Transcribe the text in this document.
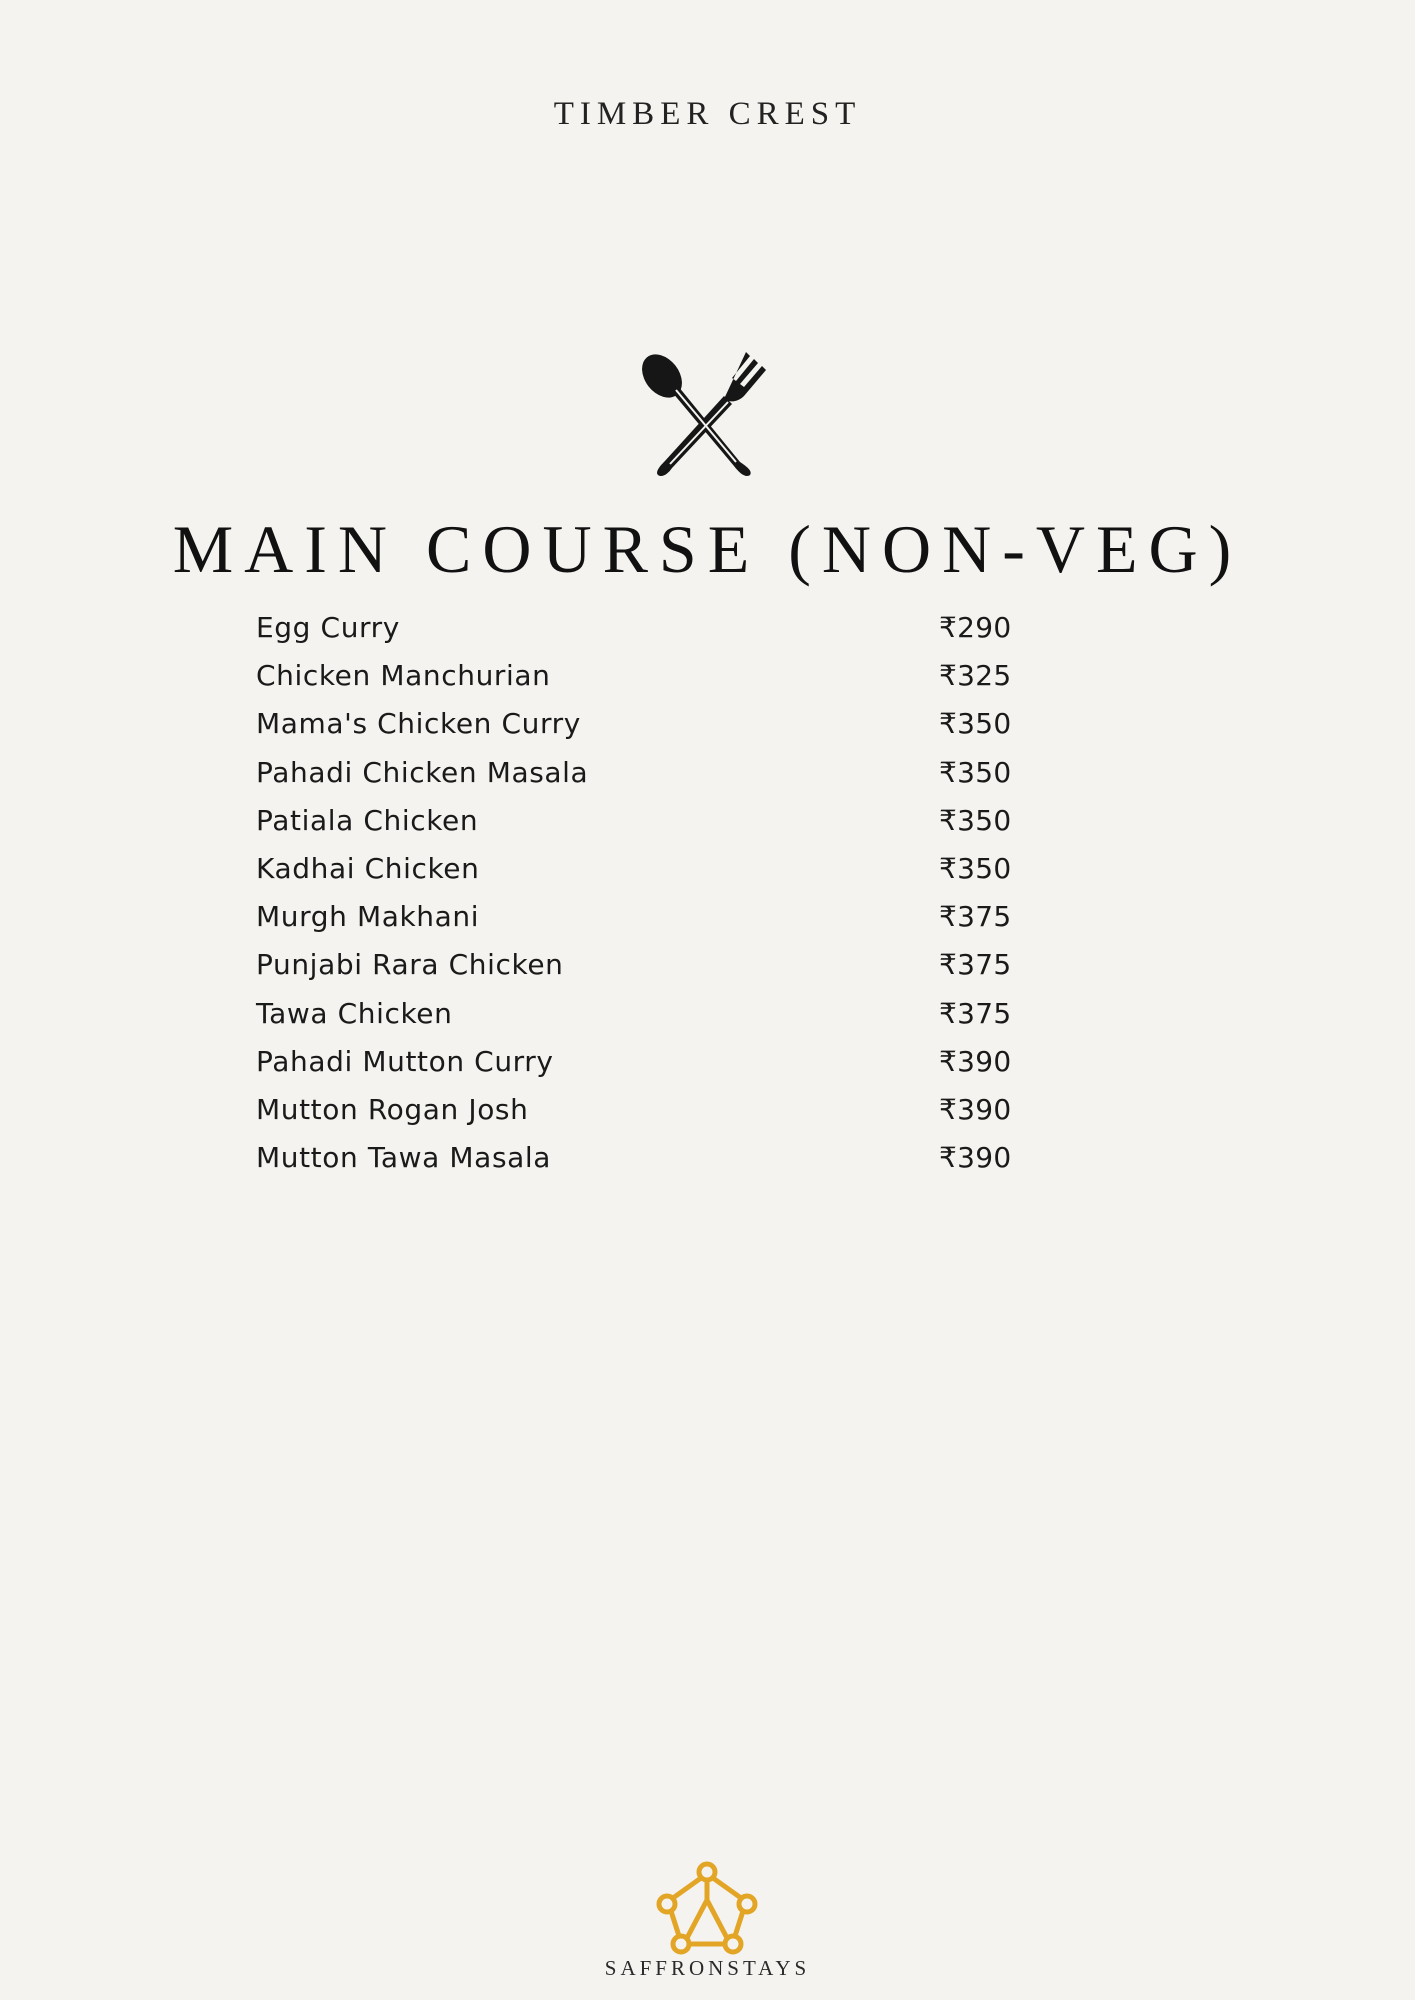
TIMBER CREST
MAIN COURSE (NON-VEG)
Egg Curry	₹290
Chicken Manchurian	₹325
Mama's Chicken Curry	₹350
Pahadi Chicken Masala	₹350
Patiala Chicken	₹350
Kadhai Chicken	₹350
Murgh Makhani	₹375
Punjabi Rara Chicken	₹375
Tawa Chicken	₹375
Pahadi Mutton Curry	₹390
Mutton Rogan Josh	₹390
Mutton Tawa Masala	₹390
SAFFRONSTAYS
